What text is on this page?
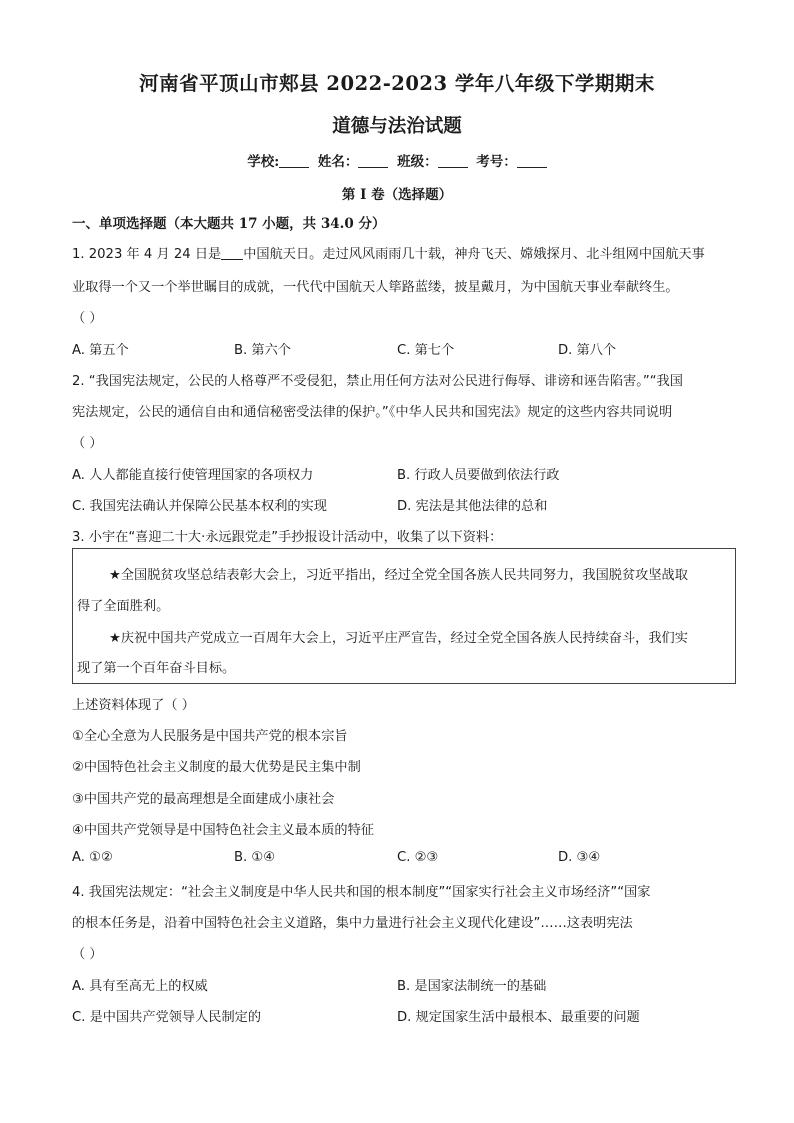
河南省平顶山市郏县 2022-2023 学年八年级下学期期末
道德与法治试题
学校:	姓名：	班级：	考号：
第 I 卷（选择题）
一、单项选择题（本大题共 17 小题，共 34.0 分）
1. 2023 年 4 月 24 日是 中国航天日。走过风风雨雨几十载，神舟飞天、嫦娥探月、北斗组网中国航天事
业取得一个又一个举世瞩目的成就，一代代中国航天人筚路蓝缕，披星戴月，为中国航天事业奉献终生。
（ ）
A. 第五个	B. 第六个	C. 第七个	D. 第八个
2. “我国宪法规定，公民的人格尊严不受侵犯，禁止用任何方法对公民进行侮辱、诽谤和诬告陷害。”“我国
宪法规定，公民的通信自由和通信秘密受法律的保护。”《中华人民共和国宪法》规定的这些内容共同说明
（ ）
A. 人人都能直接行使管理国家的各项权力	B. 行政人员要做到依法行政
C. 我国宪法确认并保障公民基本权利的实现	D. 宪法是其他法律的总和
3. 小宇在“喜迎二十大·永远跟党走”手抄报设计活动中，收集了以下资料：
★全国脱贫攻坚总结表彰大会上，习近平指出，经过全党全国各族人民共同努力，我国脱贫攻坚战取
得了全面胜利。
★庆祝中国共产党成立一百周年大会上，习近平庄严宣告，经过全党全国各族人民持续奋斗，我们实
现了第一个百年奋斗目标。
上述资料体现了（ ）
①全心全意为人民服务是中国共产党的根本宗旨
②中国特色社会主义制度的最大优势是民主集中制
③中国共产党的最高理想是全面建成小康社会
④中国共产党领导是中国特色社会主义最本质的特征
A. ①②	B. ①④	C. ②③	D. ③④
4. 我国宪法规定：“社会主义制度是中华人民共和国的根本制度”“国家实行社会主义市场经济”“国家
的根本任务是，沿着中国特色社会主义道路，集中力量进行社会主义现代化建设”……这表明宪法
（ ）
A. 具有至高无上的权威	B. 是国家法制统一的基础
C. 是中国共产党领导人民制定的	D. 规定国家生活中最根本、最重要的问题
